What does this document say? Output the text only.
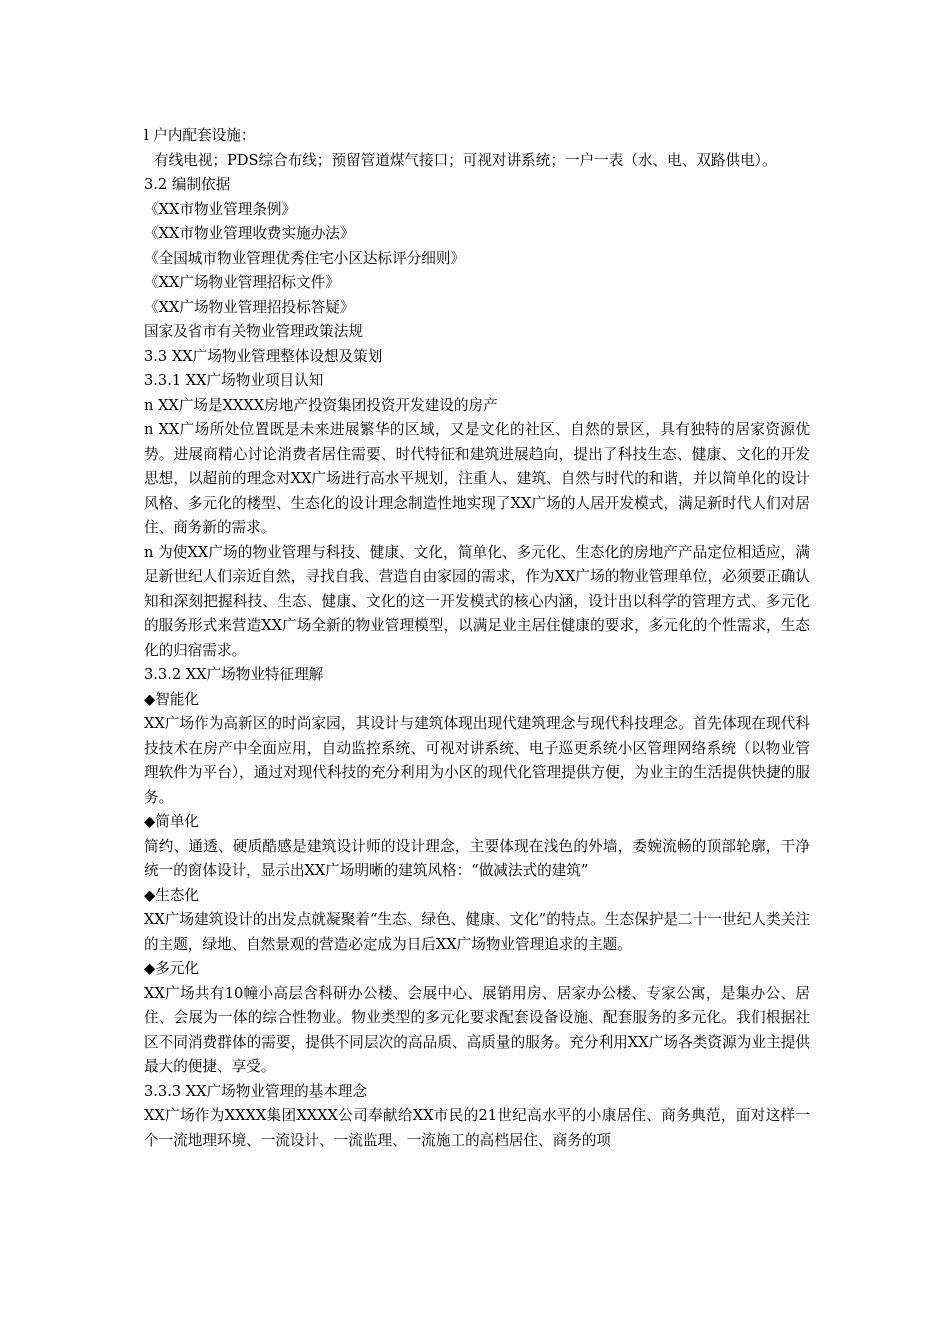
l 户内配套设施：

有线电视；PDS综合布线；预留管道煤气接口；可视对讲系统；一户一表（水、电、双路供电）。

3.2 编制依据

《XX市物业管理条例》

《XX市物业管理收费实施办法》

《全国城市物业管理优秀住宅小区达标评分细则》

《XX广场物业管理招标文件》

《XX广场物业管理招投标答疑》

国家及省市有关物业管理政策法规

3.3 XX广场物业管理整体设想及策划

3.3.1 XX广场物业项目认知

n XX广场是XXXX房地产投资集团投资开发建设的房产

n XX广场所处位置既是未来进展繁华的区域，又是文化的社区、自然的景区，具有独特的居家资源优势。进展商精心讨论消费者居住需要、时代特征和建筑进展趋向，提出了科技生态、健康、文化的开发思想，以超前的理念对XX广场进行高水平规划，注重人、建筑、自然与时代的和谐，并以简单化的设计风格、多元化的楼型、生态化的设计理念制造性地实现了XX广场的人居开发模式，满足新时代人们对居住、商务新的需求。

n 为使XX广场的物业管理与科技、健康、文化，简单化、多元化、生态化的房地产产品定位相适应，满足新世纪人们亲近自然，寻找自我、营造自由家园的需求，作为XX广场的物业管理单位，必须要正确认知和深刻把握科技、生态、健康、文化的这一开发模式的核心内涵，设计出以科学的管理方式、多元化的服务形式来营造XX广场全新的物业管理模型，以满足业主居住健康的要求，多元化的个性需求，生态化的归宿需求。

3.3.2 XX广场物业特征理解

◆智能化

XX广场作为高新区的时尚家园，其设计与建筑体现出现代建筑理念与现代科技理念。首先体现在现代科技技术在房产中全面应用，自动监控系统、可视对讲系统、电子巡更系统小区管理网络系统（以物业管理软件为平台），通过对现代科技的充分利用为小区的现代化管理提供方便，为业主的生活提供快捷的服务。

◆简单化

简约、通透、硬质酷感是建筑设计师的设计理念，主要体现在浅色的外墙，委婉流畅的顶部轮廓，干净统一的窗体设计，显示出XX广场明晰的建筑风格：“做减法式的建筑”

◆生态化

XX广场建筑设计的出发点就凝聚着“生态、绿色、健康、文化”的特点。生态保护是二十一世纪人类关注的主题，绿地、自然景观的营造必定成为日后XX广场物业管理追求的主题。

◆多元化

XX广场共有10幢小高层含科研办公楼、会展中心、展销用房、居家办公楼、专家公寓，是集办公、居住、会展为一体的综合性物业。物业类型的多元化要求配套设备设施、配套服务的多元化。我们根据社区不同消费群体的需要，提供不同层次的高品质、高质量的服务。充分利用XX广场各类资源为业主提供最大的便捷、享受。

3.3.3 XX广场物业管理的基本理念

XX广场作为XXXX集团XXXX公司奉献给XX市民的21世纪高水平的小康居住、商务典范，面对这样一个一流地理环境、一流设计、一流监理、一流施工的高档居住、商务的项
